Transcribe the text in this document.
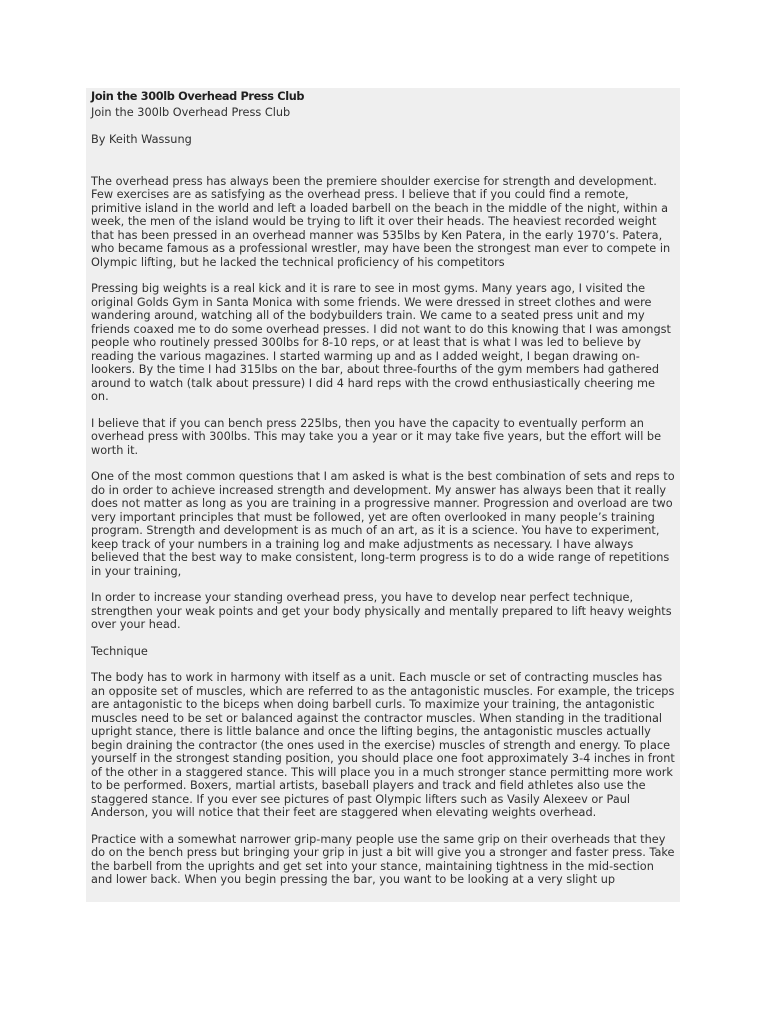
Join the 300lb Overhead Press Club
Join the 300lb Overhead Press Club
By Keith Wassung

The overhead press has always been the premiere shoulder exercise for strength and development. Few exercises are as satisfying as the overhead press. I believe that if you could find a remote, primitive island in the world and left a loaded barbell on the beach in the middle of the night, within a week, the men of the island would be trying to lift it over their heads. The heaviest recorded weight that has been pressed in an overhead manner was 535lbs by Ken Patera, in the early 1970’s. Patera, who became famous as a professional wrestler, may have been the strongest man ever to compete in Olympic lifting, but he lacked the technical proficiency of his competitors

Pressing big weights is a real kick and it is rare to see in most gyms. Many years ago, I visited the original Golds Gym in Santa Monica with some friends. We were dressed in street clothes and were wandering around, watching all of the bodybuilders train. We came to a seated press unit and my friends coaxed me to do some overhead presses. I did not want to do this knowing that I was amongst people who routinely pressed 300lbs for 8-10 reps, or at least that is what I was led to believe by reading the various magazines. I started warming up and as I added weight, I began drawing on-lookers. By the time I had 315lbs on the bar, about three-fourths of the gym members had gathered around to watch (talk about pressure) I did 4 hard reps with the crowd enthusiastically cheering me on.

I believe that if you can bench press 225lbs, then you have the capacity to eventually perform an overhead press with 300lbs. This may take you a year or it may take five years, but the effort will be worth it.

One of the most common questions that I am asked is what is the best combination of sets and reps to do in order to achieve increased strength and development. My answer has always been that it really does not matter as long as you are training in a progressive manner. Progression and overload are two very important principles that must be followed, yet are often overlooked in many people’s training program. Strength and development is as much of an art, as it is a science. You have to experiment, keep track of your numbers in a training log and make adjustments as necessary. I have always believed that the best way to make consistent, long-term progress is to do a wide range of repetitions in your training,

In order to increase your standing overhead press, you have to develop near perfect technique, strengthen your weak points and get your body physically and mentally prepared to lift heavy weights over your head.

Technique

The body has to work in harmony with itself as a unit. Each muscle or set of contracting muscles has an opposite set of muscles, which are referred to as the antagonistic muscles. For example, the triceps are antagonistic to the biceps when doing barbell curls. To maximize your training, the antagonistic muscles need to be set or balanced against the contractor muscles. When standing in the traditional upright stance, there is little balance and once the lifting begins, the antagonistic muscles actually begin draining the contractor (the ones used in the exercise) muscles of strength and energy. To place yourself in the strongest standing position, you should place one foot approximately 3-4 inches in front of the other in a staggered stance. This will place you in a much stronger stance permitting more work to be performed. Boxers, martial artists, baseball players and track and field athletes also use the staggered stance. If you ever see pictures of past Olympic lifters such as Vasily Alexeev or Paul Anderson, you will notice that their feet are staggered when elevating weights overhead.

Practice with a somewhat narrower grip-many people use the same grip on their overheads that they do on the bench press but bringing your grip in just a bit will give you a stronger and faster press. Take the barbell from the uprights and get set into your stance, maintaining tightness in the mid-section and lower back. When you begin pressing the bar, you want to be looking at a very slight up
